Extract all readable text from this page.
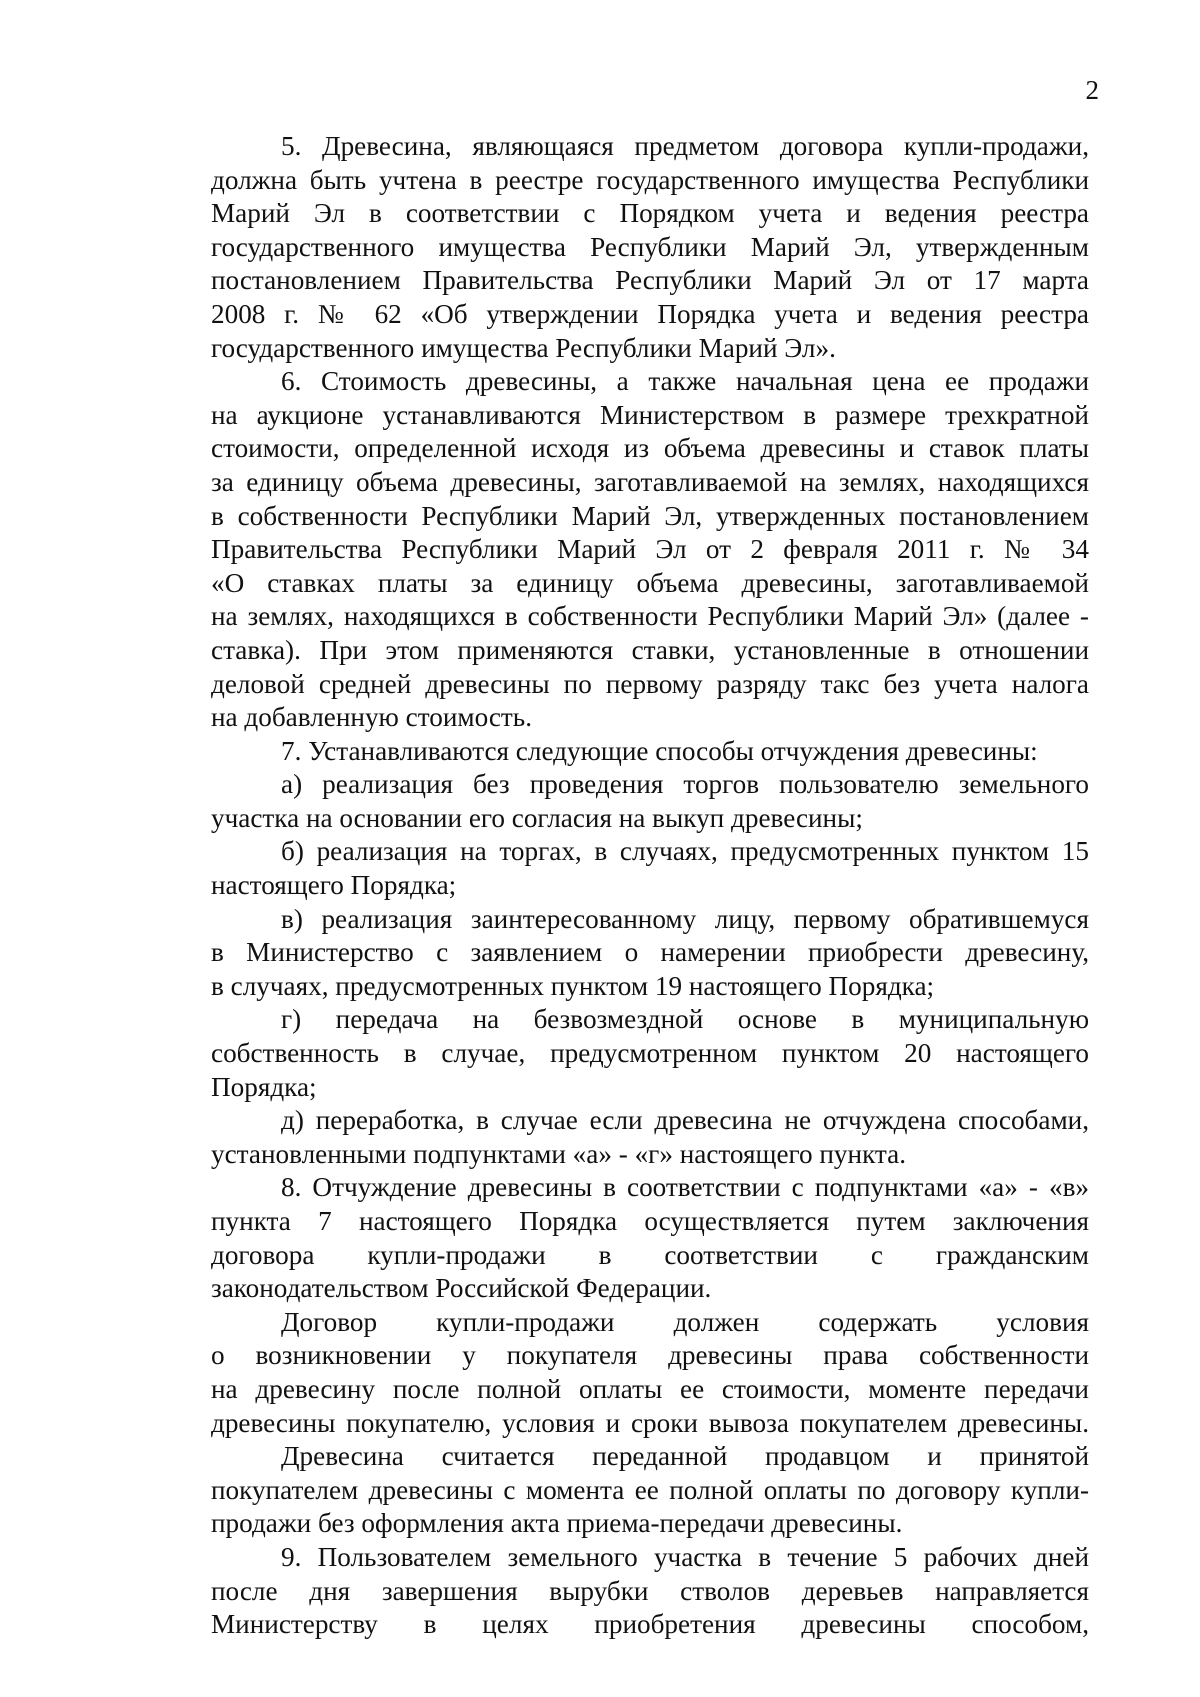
2
5. Древесина, являющаяся предметом договора купли-продажи,
должна быть учтена в реестре государственного имущества Республики
Марий Эл в соответствии с Порядком учета и ведения реестра
государственного имущества Республики Марий Эл, утвержденным
постановлением Правительства Республики Марий Эл от 17 марта
2008 г. № 62 «Об утверждении Порядка учета и ведения реестра
государственного имущества Республики Марий Эл».
6. Стоимость древесины, а также начальная цена ее продажи
на аукционе устанавливаются Министерством в размере трехкратной
стоимости, определенной исходя из объема древесины и ставок платы
за единицу объема древесины, заготавливаемой на землях, находящихся
в собственности Республики Марий Эл, утвержденных постановлением
Правительства Республики Марий Эл от 2 февраля 2011 г. № 34
«О ставках платы за единицу объема древесины, заготавливаемой
на землях, находящихся в собственности Республики Марий Эл» (далее -
ставка). При этом применяются ставки, установленные в отношении
деловой средней древесины по первому разряду такс без учета налога
на добавленную стоимость.
7. Устанавливаются следующие способы отчуждения древесины:
а) реализация без проведения торгов пользователю земельного
участка на основании его согласия на выкуп древесины;
б) реализация на торгах, в случаях, предусмотренных пунктом 15
настоящего Порядка;
в) реализация заинтересованному лицу, первому обратившемуся
в Министерство с заявлением о намерении приобрести древесину,
в случаях, предусмотренных пунктом 19 настоящего Порядка;
г) передача на безвозмездной основе в муниципальную
собственность в случае, предусмотренном пунктом 20 настоящего
Порядка;
д) переработка, в случае если древесина не отчуждена способами,
установленными подпунктами «а» - «г» настоящего пункта.
8. Отчуждение древесины в соответствии с подпунктами «а» - «в»
пункта 7 настоящего Порядка осуществляется путем заключения
договора купли-продажи в соответствии с гражданским
законодательством Российской Федерации.
Договор купли-продажи должен содержать условия
о возникновении у покупателя древесины права собственности
на древесину после полной оплаты ее стоимости, моменте передачи
древесины покупателю, условия и сроки вывоза покупателем древесины.
Древесина считается переданной продавцом и принятой
покупателем древесины с момента ее полной оплаты по договору купли-
продажи без оформления акта приема-передачи древесины.
9. Пользователем земельного участка в течение 5 рабочих дней
после дня завершения вырубки стволов деревьев направляется
Министерству в целях приобретения древесины способом,
